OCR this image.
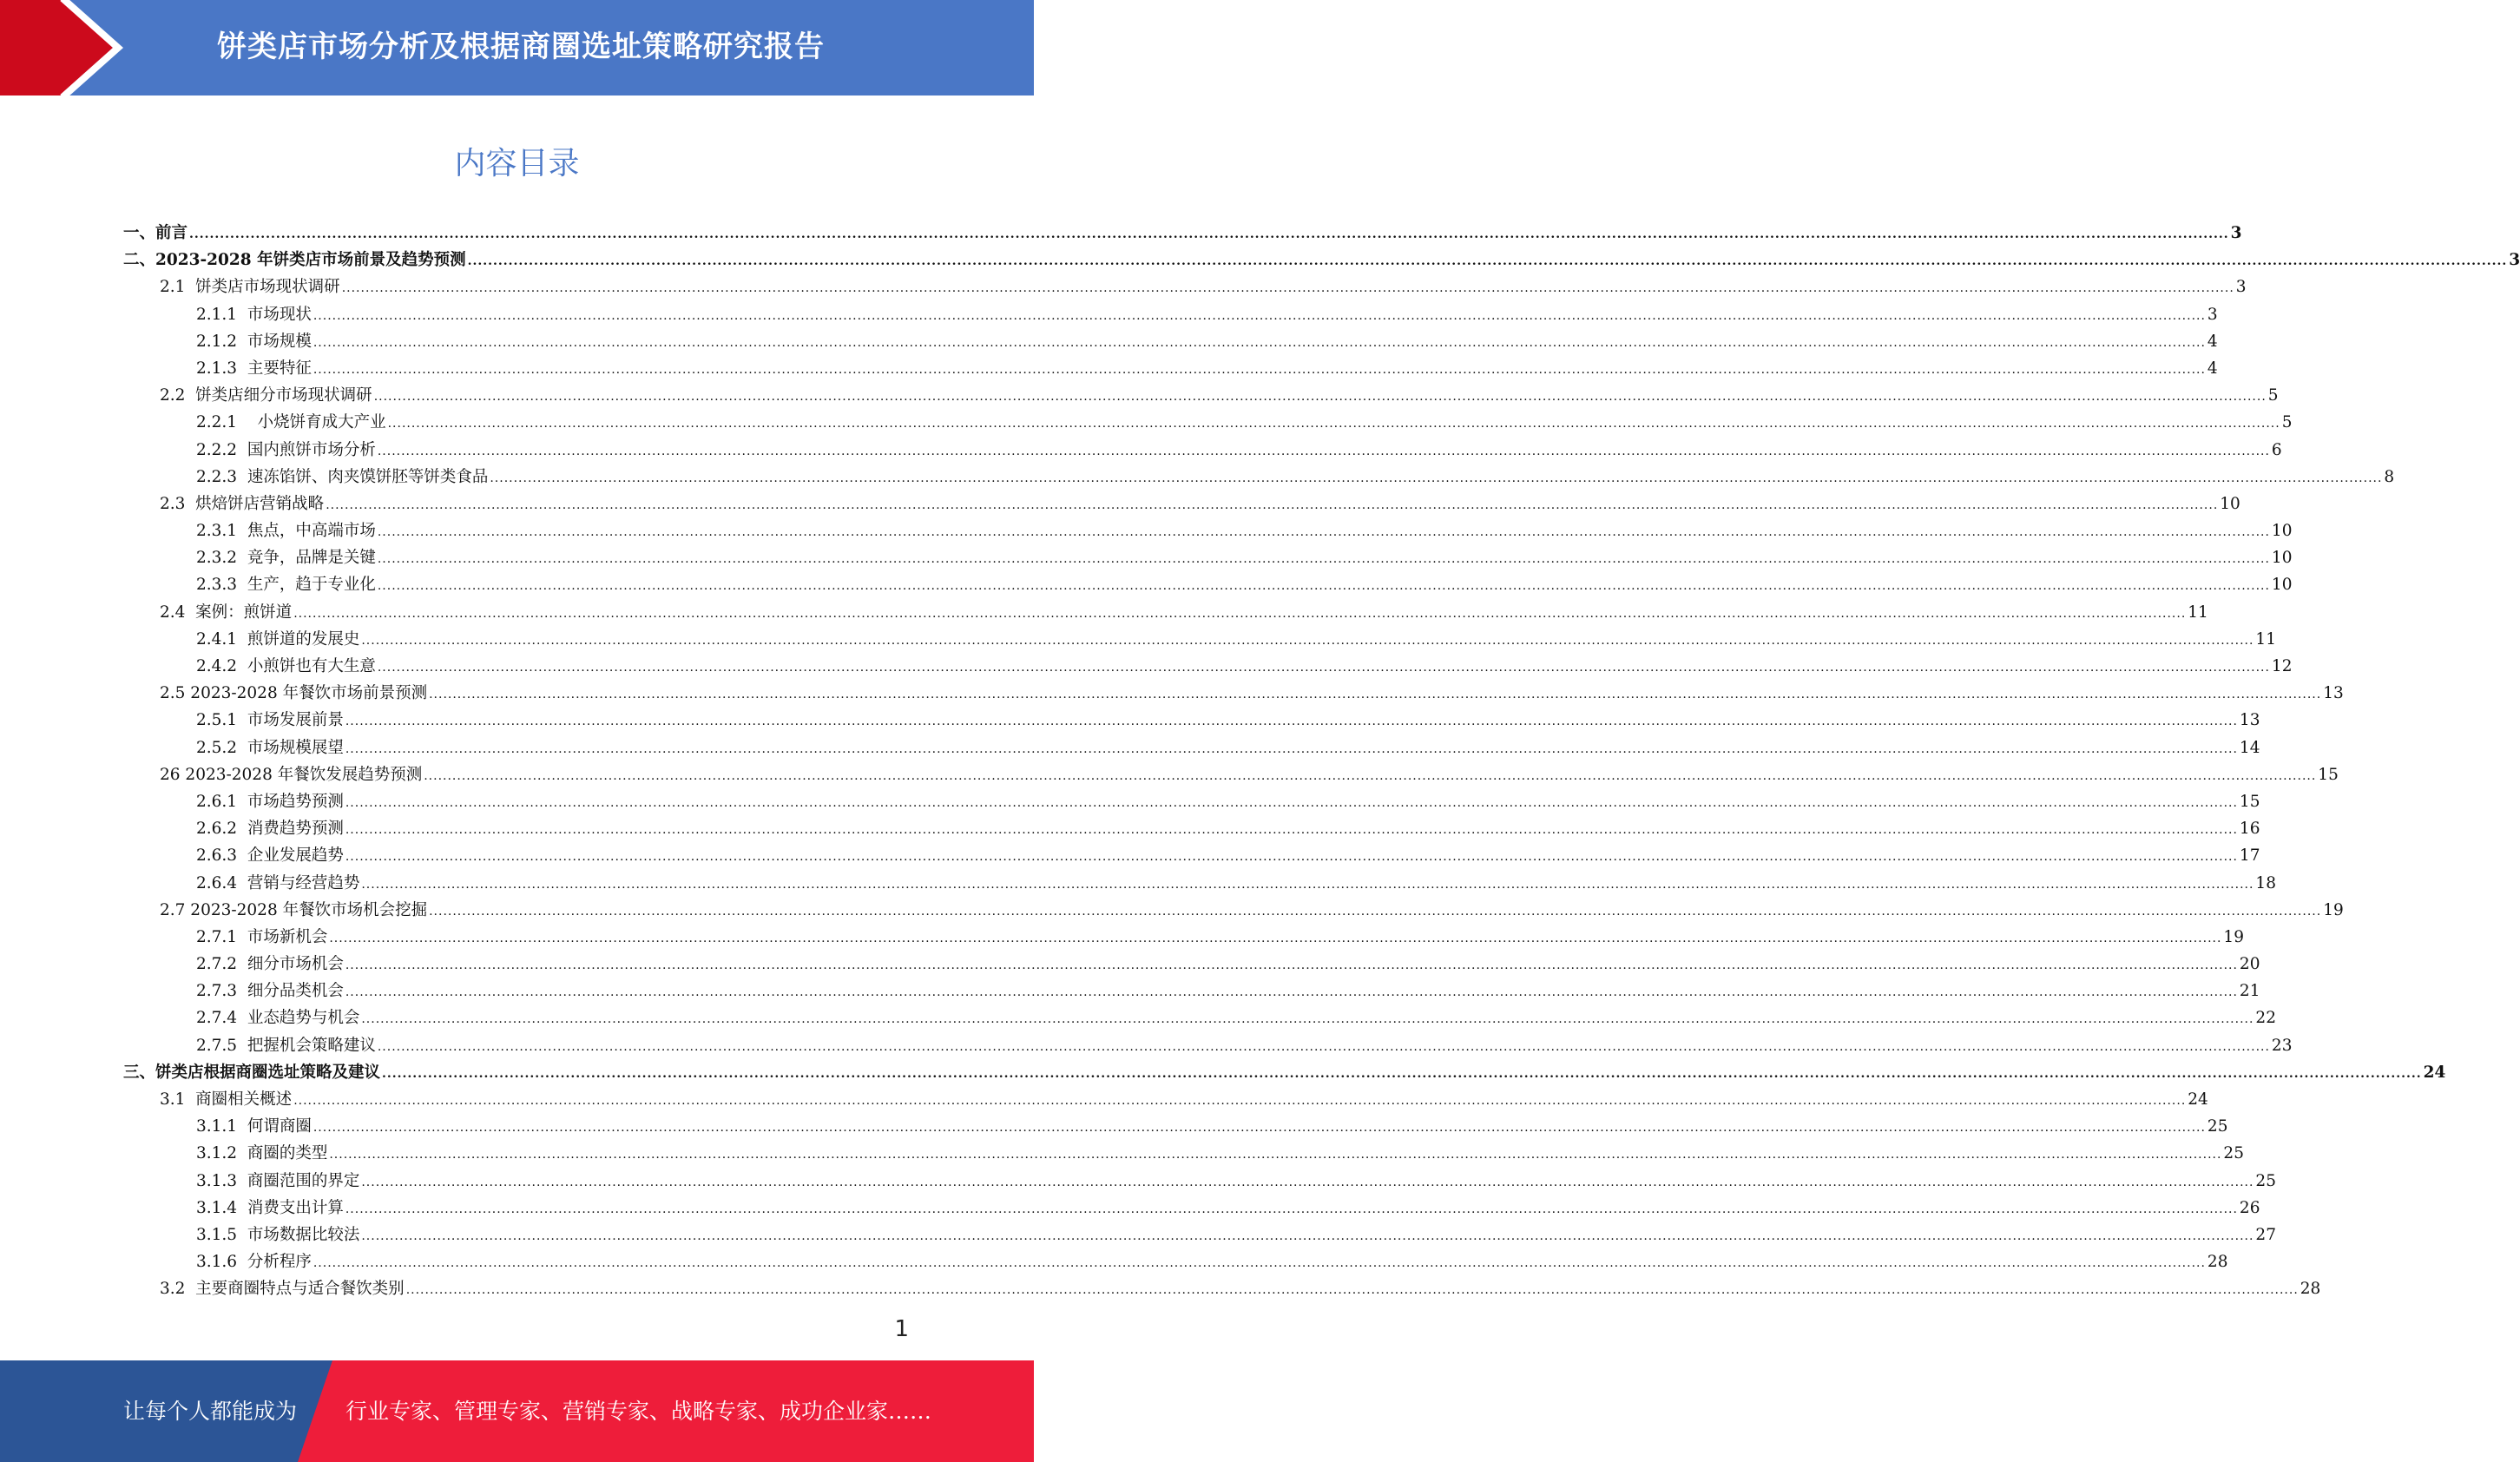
饼类店市场分析及根据商圈选址策略研究报告
内容目录
一、前言 ................................................................................................................................................................................................................................................................................................................................................................................................................ 3
二、2023-2028 年饼类店市场前景及趋势预测 ................................................................................................................................................................................................................................................................................................................................................................................................................ 3
2.1  饼类店市场现状调研 ................................................................................................................................................................................................................................................................................................................................................................................................................ 3
2.1.1  市场现状 ................................................................................................................................................................................................................................................................................................................................................................................................................ 3
2.1.2  市场规模 ................................................................................................................................................................................................................................................................................................................................................................................................................ 4
2.1.3  主要特征 ................................................................................................................................................................................................................................................................................................................................................................................................................ 4
2.2  饼类店细分市场现状调研 ................................................................................................................................................................................................................................................................................................................................................................................................................ 5
2.2.1    小烧饼育成大产业 ................................................................................................................................................................................................................................................................................................................................................................................................................ 5
2.2.2  国内煎饼市场分析 ................................................................................................................................................................................................................................................................................................................................................................................................................ 6
2.2.3  速冻馅饼、肉夹馍饼胚等饼类食品 ................................................................................................................................................................................................................................................................................................................................................................................................................ 8
2.3  烘焙饼店营销战略 ................................................................................................................................................................................................................................................................................................................................................................................................................ 10
2.3.1  焦点，中高端市场 ................................................................................................................................................................................................................................................................................................................................................................................................................ 10
2.3.2  竞争，品牌是关键 ................................................................................................................................................................................................................................................................................................................................................................................................................ 10
2.3.3  生产，趋于专业化 ................................................................................................................................................................................................................................................................................................................................................................................................................ 10
2.4  案例：煎饼道 ................................................................................................................................................................................................................................................................................................................................................................................................................ 11
2.4.1  煎饼道的发展史 ................................................................................................................................................................................................................................................................................................................................................................................................................ 11
2.4.2  小煎饼也有大生意 ................................................................................................................................................................................................................................................................................................................................................................................................................ 12
2.5 2023-2028 年餐饮市场前景预测 ................................................................................................................................................................................................................................................................................................................................................................................................................ 13
2.5.1  市场发展前景 ................................................................................................................................................................................................................................................................................................................................................................................................................ 13
2.5.2  市场规模展望 ................................................................................................................................................................................................................................................................................................................................................................................................................ 14
26 2023-2028 年餐饮发展趋势预测 ................................................................................................................................................................................................................................................................................................................................................................................................................ 15
2.6.1  市场趋势预测 ................................................................................................................................................................................................................................................................................................................................................................................................................ 15
2.6.2  消费趋势预测 ................................................................................................................................................................................................................................................................................................................................................................................................................ 16
2.6.3  企业发展趋势 ................................................................................................................................................................................................................................................................................................................................................................................................................ 17
2.6.4  营销与经营趋势 ................................................................................................................................................................................................................................................................................................................................................................................................................ 18
2.7 2023-2028 年餐饮市场机会挖掘 ................................................................................................................................................................................................................................................................................................................................................................................................................ 19
2.7.1  市场新机会 ................................................................................................................................................................................................................................................................................................................................................................................................................ 19
2.7.2  细分市场机会 ................................................................................................................................................................................................................................................................................................................................................................................................................ 20
2.7.3  细分品类机会 ................................................................................................................................................................................................................................................................................................................................................................................................................ 21
2.7.4  业态趋势与机会 ................................................................................................................................................................................................................................................................................................................................................................................................................ 22
2.7.5  把握机会策略建议 ................................................................................................................................................................................................................................................................................................................................................................................................................ 23
三、饼类店根据商圈选址策略及建议 ................................................................................................................................................................................................................................................................................................................................................................................................................ 24
3.1  商圈相关概述 ................................................................................................................................................................................................................................................................................................................................................................................................................ 24
3.1.1  何谓商圈 ................................................................................................................................................................................................................................................................................................................................................................................................................ 25
3.1.2  商圈的类型 ................................................................................................................................................................................................................................................................................................................................................................................................................ 25
3.1.3  商圈范围的界定 ................................................................................................................................................................................................................................................................................................................................................................................................................ 25
3.1.4  消费支出计算 ................................................................................................................................................................................................................................................................................................................................................................................................................ 26
3.1.5  市场数据比较法 ................................................................................................................................................................................................................................................................................................................................................................................................................ 27
3.1.6  分析程序 ................................................................................................................................................................................................................................................................................................................................................................................................................ 28
3.2  主要商圈特点与适合餐饮类别 ................................................................................................................................................................................................................................................................................................................................................................................................................ 28
1
让每个人都能成为 行业专家、管理专家、营销专家、战略专家、成功企业家……
